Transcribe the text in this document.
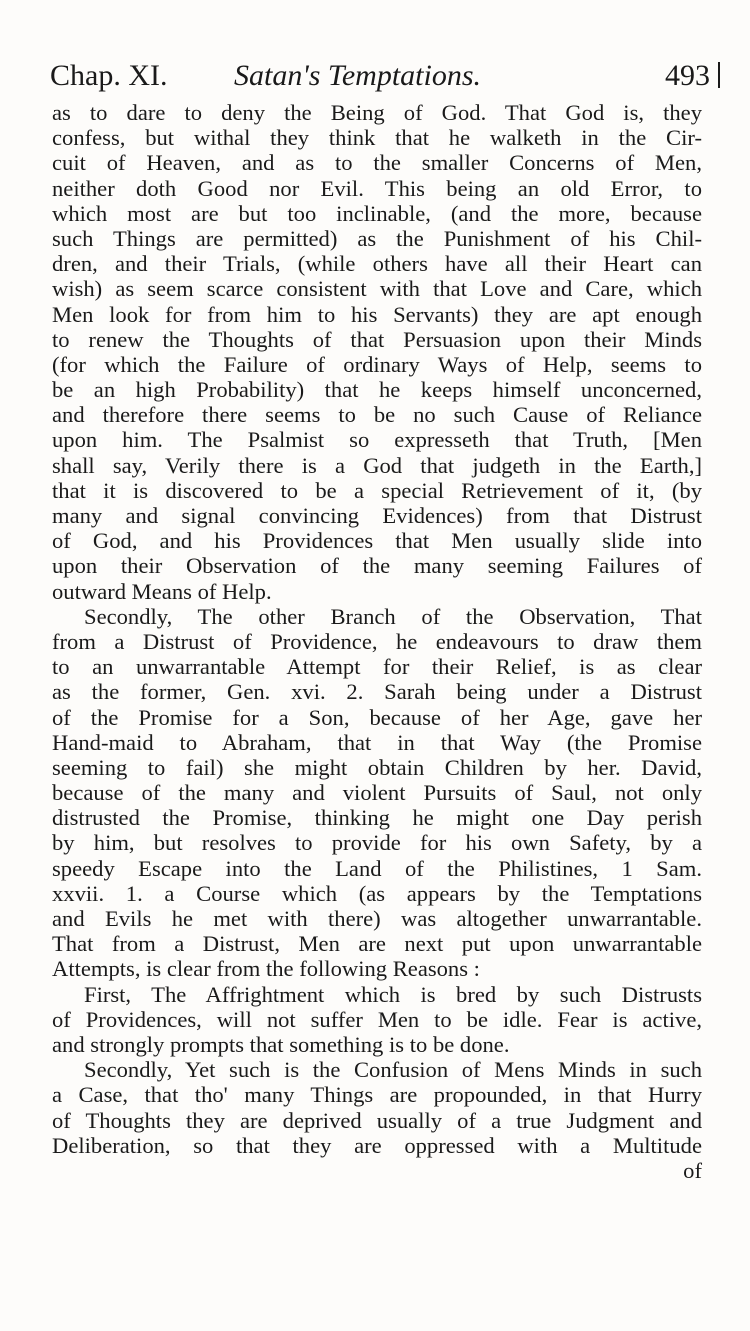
Chap. XI. Satan's Temptations.	493
as to dare to deny the Being of God. That God is, they
confess, but withal they think that he walketh in the Cir-
cuit of Heaven, and as to the smaller Concerns of Men,
neither doth Good nor Evil. This being an old Error, to
which most are but too inclinable, (and the more, because
such Things are permitted) as the Punishment of his Chil-
dren, and their Trials, (while others have all their Heart can
wish) as seem scarce consistent with that Love and Care, which
Men look for from him to his Servants) they are apt enough
to renew the Thoughts of that Persuasion upon their Minds
(for which the Failure of ordinary Ways of Help, seems to
be an high Probability) that he keeps himself unconcerned,
and therefore there seems to be no such Cause of Reliance
upon him. The Psalmist so expresseth that Truth, [Men
shall say, Verily there is a God that judgeth in the Earth,]
that it is discovered to be a special Retrievement of it, (by
many and signal convincing Evidences) from that Distrust
of God, and his Providences that Men usually slide into
upon their Observation of the many seeming Failures of
outward Means of Help.
Secondly, The other Branch of the Observation, That
from a Distrust of Providence, he endeavours to draw them
to an unwarrantable Attempt for their Relief, is as clear
as the former, Gen. xvi. 2. Sarah being under a Distrust
of the Promise for a Son, because of her Age, gave her
Hand-maid to Abraham, that in that Way (the Promise
seeming to fail) she might obtain Children by her. David,
because of the many and violent Pursuits of Saul, not only
distrusted the Promise, thinking he might one Day perish
by him, but resolves to provide for his own Safety, by a
speedy Escape into the Land of the Philistines, 1 Sam.
xxvii. 1. a Course which (as appears by the Temptations
and Evils he met with there) was altogether unwarrantable.
That from a Distrust, Men are next put upon unwarrantable
Attempts, is clear from the following Reasons :
First, The Affrightment which is bred by such Distrusts
of Providences, will not suffer Men to be idle. Fear is active,
and strongly prompts that something is to be done.
Secondly, Yet such is the Confusion of Mens Minds in such
a Case, that tho' many Things are propounded, in that Hurry
of Thoughts they are deprived usually of a true Judgment and
Deliberation, so that they are oppressed with a Multitude
of
